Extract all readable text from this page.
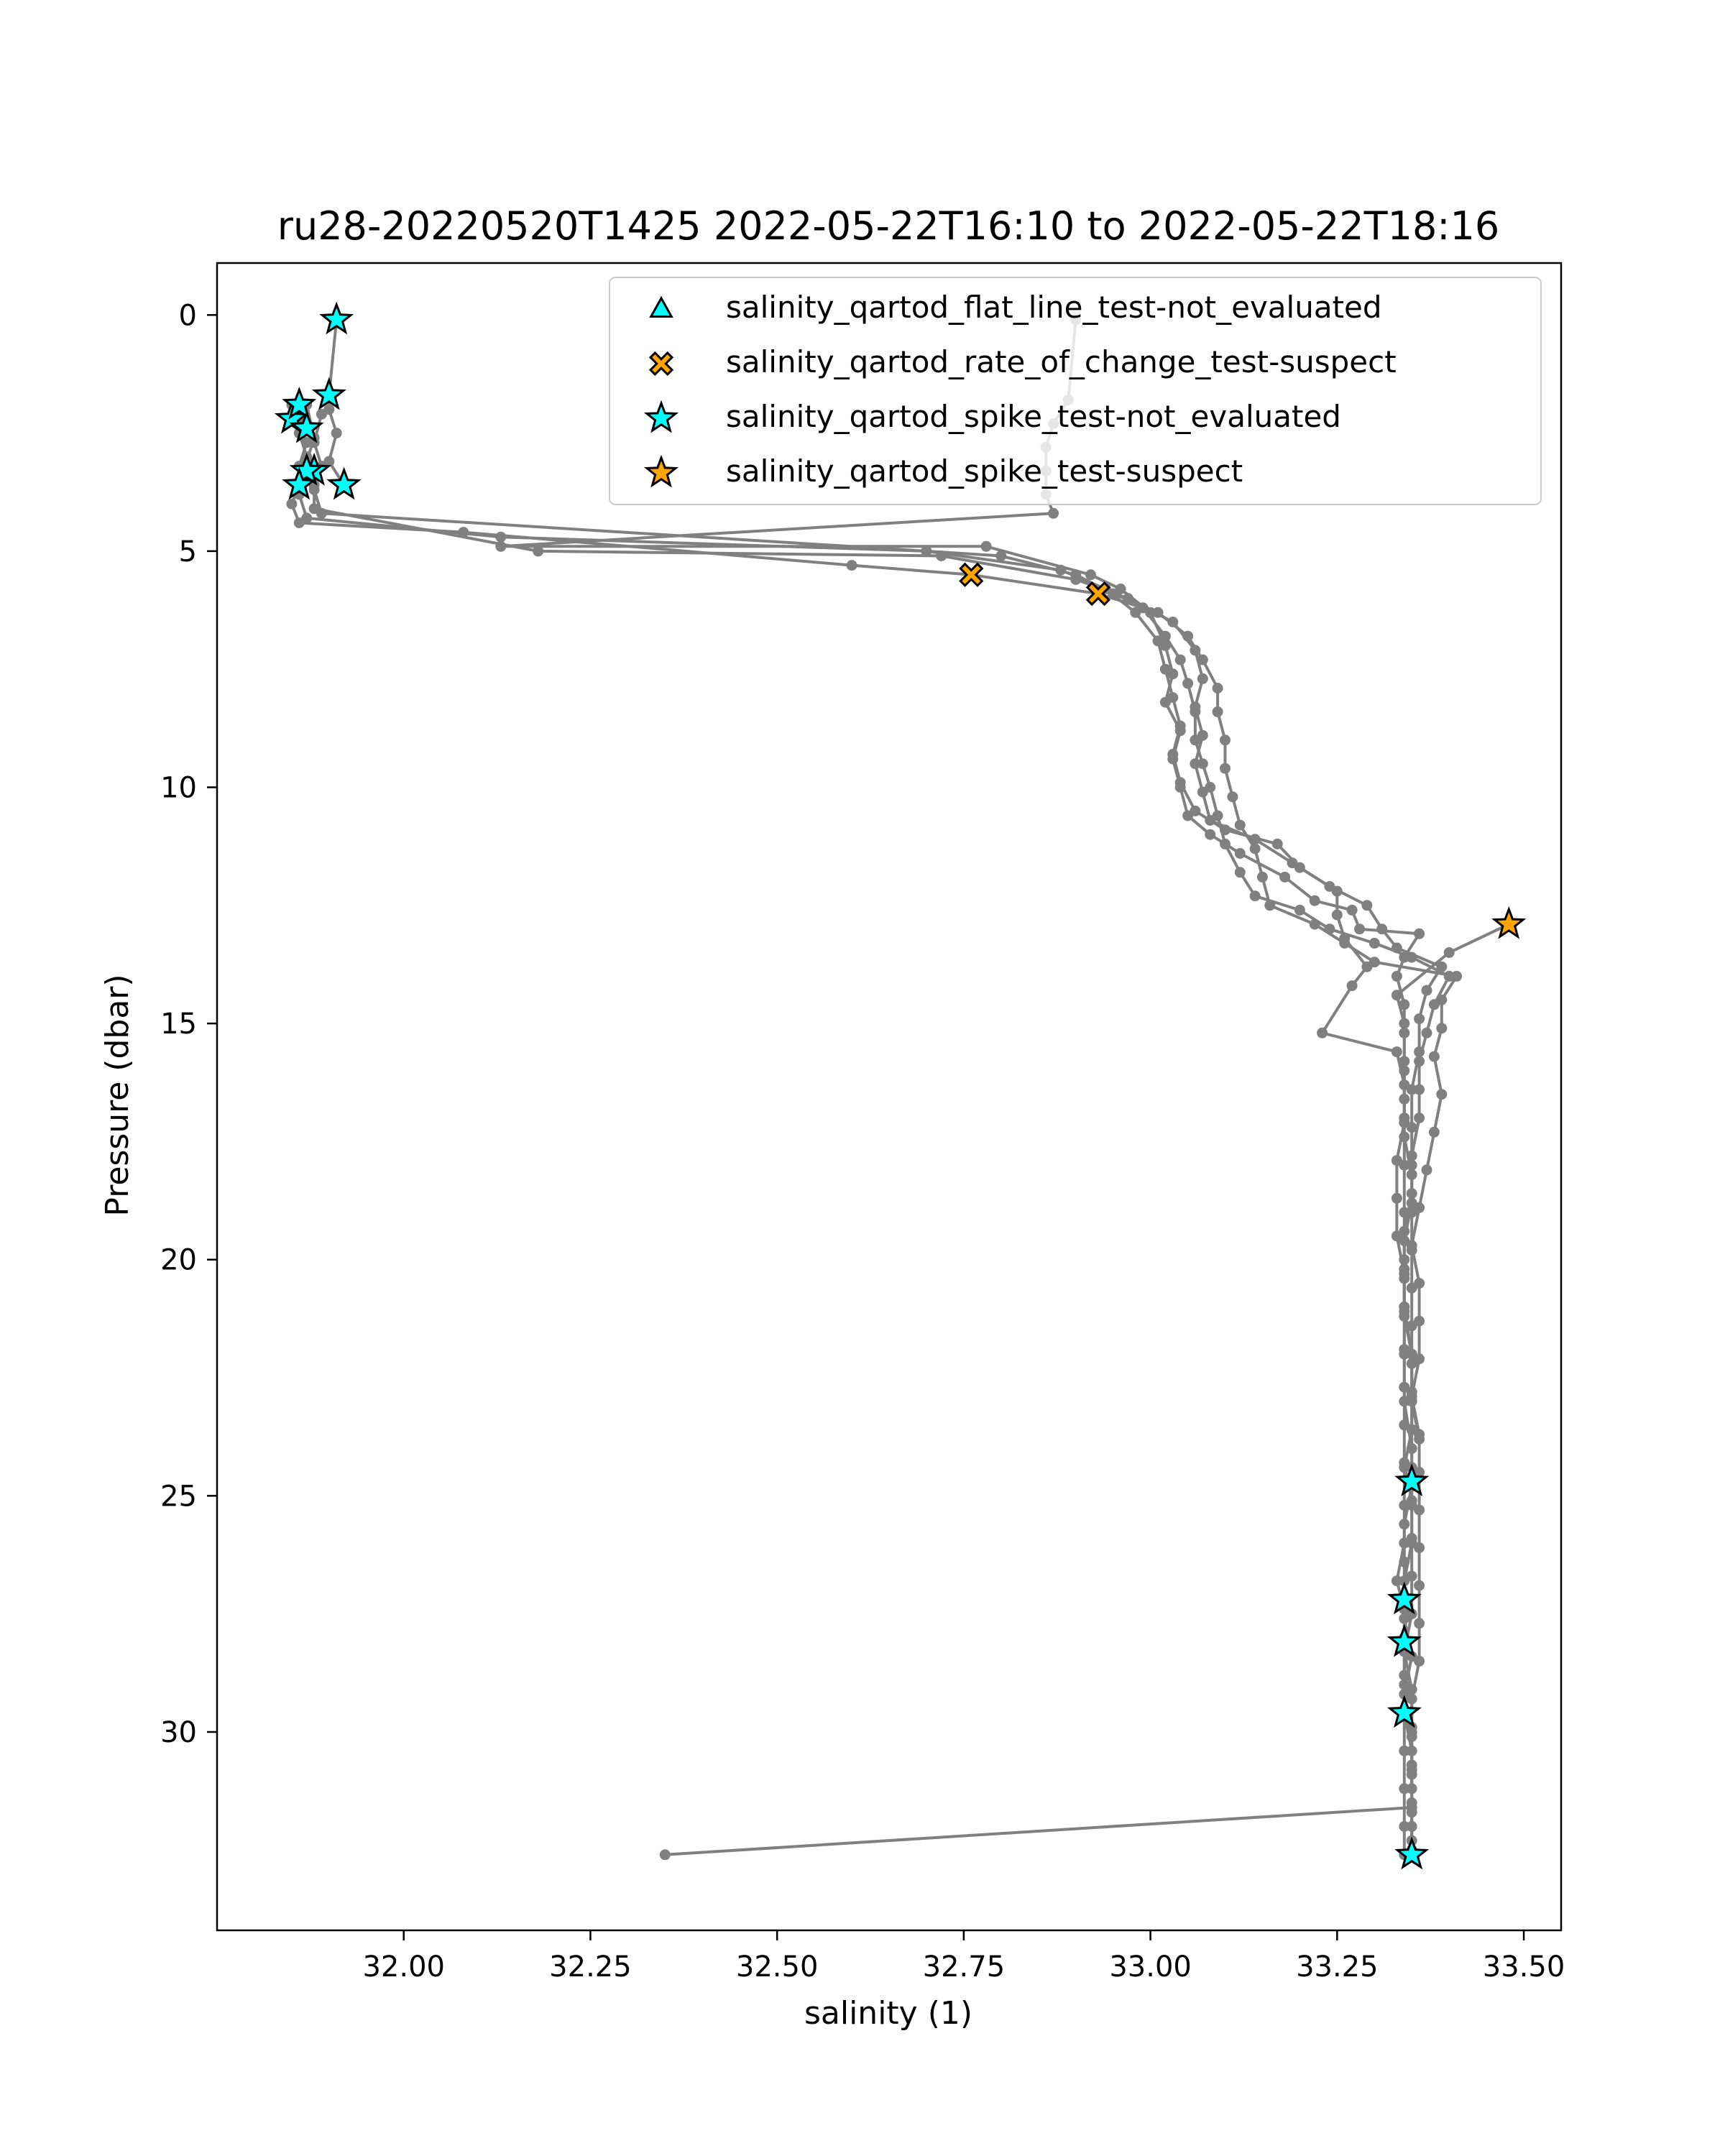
ru28-20220520T1425 2022-05-22T16:10 to 2022-05-22T18:16
32.00	32.25	32.50	32.75	33.00	33.25	33.50
0
5
10
15
20
25
30
salinity (1)
Pressure (dbar)
salinity_qartod_flat_line_test-not_evaluated
salinity_qartod_rate_of_change_test-suspect
salinity_qartod_spike_test-not_evaluated
salinity_qartod_spike_test-suspect
